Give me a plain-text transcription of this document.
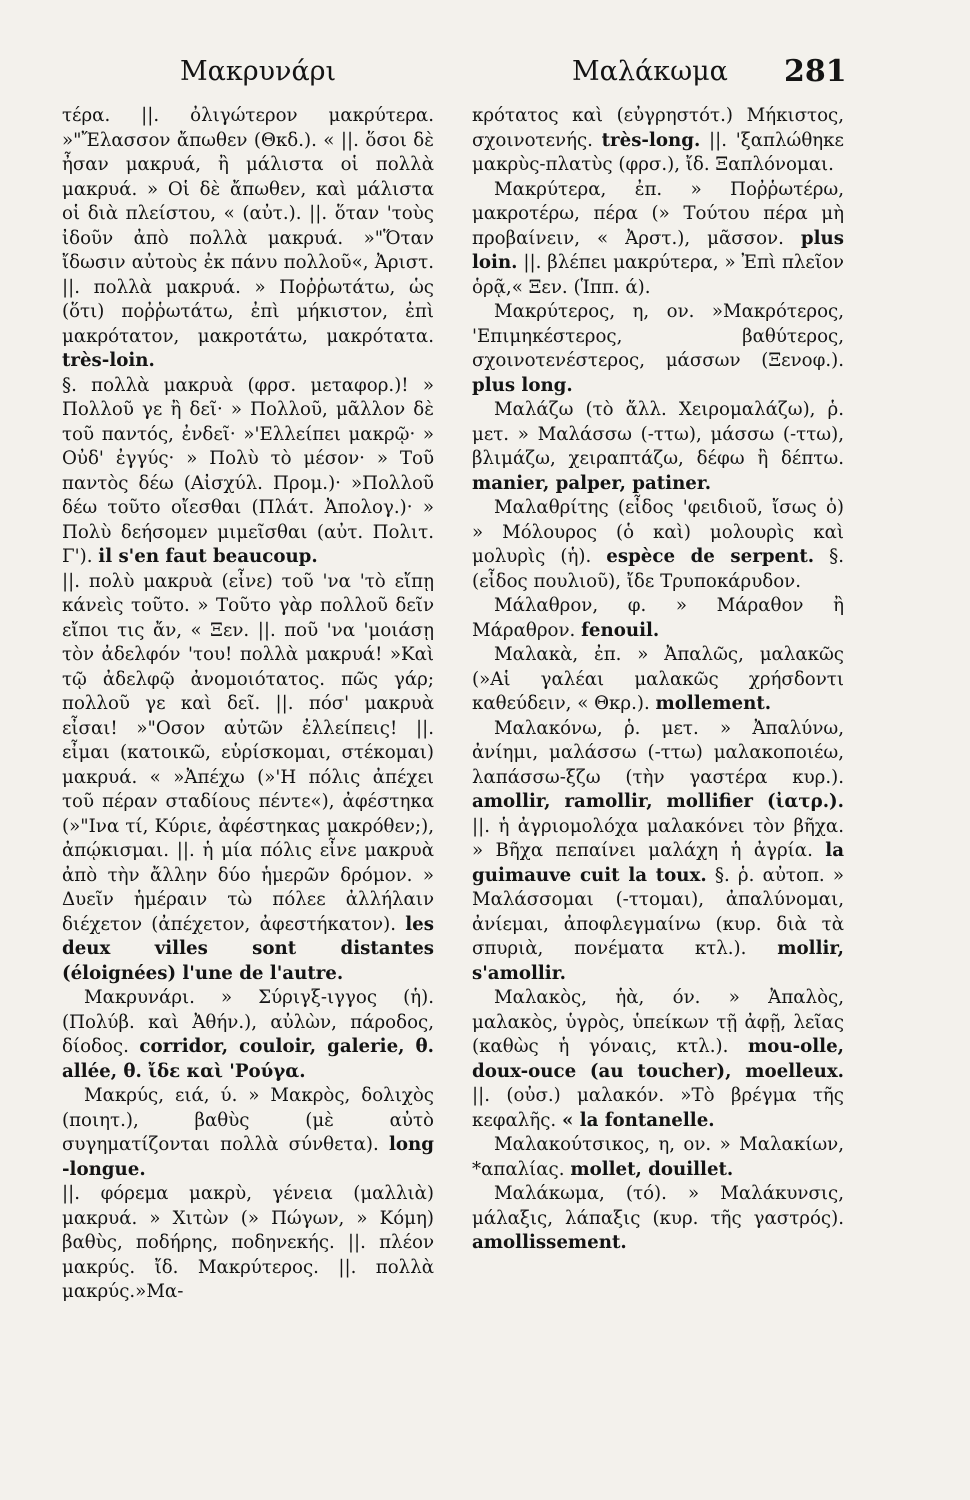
Μακρυνάρι	Μαλάκωμα 281

τέρα. ||. ὀλιγώτερον μακρύτερα. »"Ἔλασσον ἄπωθεν (Θκδ.). « ||. ὅσοι δὲ ἦσαν μακρυά, ἢ μάλιστα οἱ πολλὰ μακρυά. » Οἱ δὲ ἄπωθεν, καὶ μάλιστα οἱ διὰ πλείστου, « (αὐτ.). ||. ὅταν 'τοὺς ἰδοῦν ἀπὸ πολλὰ μακρυά. »"Ὅταν ἴδωσιν αὐτοὺς ἐκ πάνυ πολλοῦ«, Ἀριστ. ||. πολλὰ μακρυά. » Ποῤῥωτάτω, ὡς (ὅτι) ποῤῥωτάτω, ἐπὶ μήκιστον, ἐπὶ μακρότατον, μακροτάτω, μακρότατα. très-loin.

§. πολλὰ μακρυὰ (φρσ. μεταφορ.)! » Πολλοῦ γε ἢ δεῖ· » Πολλοῦ, μᾶλλον δὲ τοῦ παντός, ἐνδεῖ· »'Ελλείπει μακρῷ· » Οὐδ' ἐγγύς· » Πολὺ τὸ μέσον· » Τοῦ παντὸς δέω (Αἰσχύλ. Προμ.)· »Πολλοῦ δέω τοῦτο οἴεσθαι (Πλάτ. Ἀπολογ.)· » Πολὺ δεήσομεν μιμεῖσθαι (αὐτ. Πολιτ. Γ'). il s'en faut beaucoup.

||. πολὺ μακρυὰ (εἶνε) τοῦ 'να 'τὸ εἴπῃ κάνεὶς τοῦτο. » Τοῦτο γὰρ πολλοῦ δεῖν εἴποι τις ἄν, « Ξεν. ||. ποῦ 'να 'μοιάσῃ τὸν ἀδελφόν 'του! πολλὰ μακρυά! »Καὶ τῷ ἀδελφῷ ἀνομοιότατος. πῶς γάρ; πολλοῦ γε καὶ δεῖ. ||. πόσ' μακρυὰ εἶσαι! »"Οσον αὐτῶν ἐλλείπεις! ||. εἶμαι (κατοικῶ, εὑρίσκομαι, στέκομαι) μακρυά. « »Ἀπέχω (»'Η πόλις ἀπέχει τοῦ πέραν σταδίους πέντε«), ἀφέστηκα (»"Ινα τί, Κύριε, ἀφέστηκας μακρόθεν;), ἀπῴκισμαι. ||. ἡ μία πόλις εἶνε μακρυὰ ἀπὸ τὴν ἄλλην δύο ἡμερῶν δρόμον. » Δυεῖν ἡμέραιν τὼ πόλεε ἀλλήλαιν διέχετον (ἀπέχετον, ἀφεστήκατον). les deux villes sont distantes (éloignées) l'une de l'autre.

Μακρυνάρι. » Σύριγξ-ιγγος (ἡ). (Πολύβ. καὶ Ἀθήν.), αὐλὼν, πάροδος, δίοδος. corridor, couloir, galerie, θ. allée, θ. ἴδε καὶ 'Ρούγα.

Μακρύς, ειά, ύ. » Μακρὸς, δολιχὸς (ποιητ.), βαθὺς (μὲ αὐτὸ συγηματίζονται πολλὰ σύνθετα). long -longue.

||. φόρεμα μακρὺ, γένεια (μαλλιὰ) μακρυά. » Χιτὼν (» Πώγων, » Κόμη) βαθὺς, ποδήρης, ποδηνεκής. ||. πλέον μακρύς. ἴδ. Μακρύτερος. ||. πολλὰ μακρύς.»Μα-

κρότατος καὶ (εὐγρηστότ.) Μήκιστος, σχοινοτενής. très-long. ||. 'ξαπλώθηκε μακρὺς-πλατὺς (φρσ.), ἴδ. Ξαπλόνομαι.

Μακρύτερα, ἐπ. » Ποῤῥωτέρω, μακροτέρω, πέρα (» Τούτου πέρα μὴ προβαίνειν, « Ἀρστ.), μᾶσσον. plus loin. ||. βλέπει μακρύτερα, » Ἐπὶ πλεῖον ὁρᾷ,« Ξεν. (Ἱππ. ά).

Μακρύτερος, η, ον. »Μακρότερος, 'Επιμηκέστερος, βαθύτερος, σχοινοτενέστερος, μάσσων (Ξενοφ.). plus long.

Μαλάζω (τὸ ἄλλ. Χειρομαλάζω), ῥ. μετ. » Μαλάσσω (-ττω), μάσσω (-ττω), βλιμάζω, χειραπτάζω, δέφω ἢ δέπτω. manier, palper, patiner.

Μαλαθρίτης (εἶδος 'φειδιοῦ, ἴσως ὁ) » Μόλουρος (ὁ καὶ) μολουρὶς καὶ μολυρὶς (ἡ). espèce de serpent. §. (εἶδος πουλιοῦ), ἴδε Τρυποκάρυδον.

Μάλαθρον, φ. » Μάραθον ἢ Μάραθρον. fenouil.

Μαλακὰ, ἐπ. » Ἀπαλῶς, μαλακῶς (»Αἱ γαλέαι μαλακῶς χρήσδοντι καθεύδειν, « Θκρ.). mollement.

Μαλακόνω, ῥ. μετ. » Ἀπαλύνω, ἀνίημι, μαλάσσω (-ττω) μαλακοποιέω, λαπάσσω-ξζω (τὴν γαστέρα κυρ.). amollir, ramollir, mollifier (ἰατρ.). ||. ἡ ἀγριομολόχα μαλακόνει τὸν βῆχα. » Βῆχα πεπαίνει μαλάχη ἡ ἀγρία. la guimauve cuit la toux. §. ῥ. αὐτοπ. » Μαλάσσομαι (-ττομαι), ἀπαλύνομαι, ἀνίεμαι, ἀποφλεγμαίνω (κυρ. διὰ τὰ σπυριὰ, πονέματα κτλ.). mollir, s'amollir.

Μαλακὸς, ἡὰ, όν. » Ἀπαλὸς, μαλακὸς, ὑγρὸς, ὑπείκων τῇ ἀφῇ, λεῖας (καθὼς ἡ γόναις, κτλ.). mou-olle, doux-ouce (au toucher), moelleux. ||. (οὐσ.) μαλακόν. »Τὸ βρέγμα τῆς κεφαλῆς. « la fontanelle.

Μαλακούτσικος, η, ον. » Μαλακίων, *απαλίας. mollet, douillet.

Μαλάκωμα, (τό). » Μαλάκυνσις, μάλαξις, λάπαξις (κυρ. τῆς γαστρός). amollissement.
